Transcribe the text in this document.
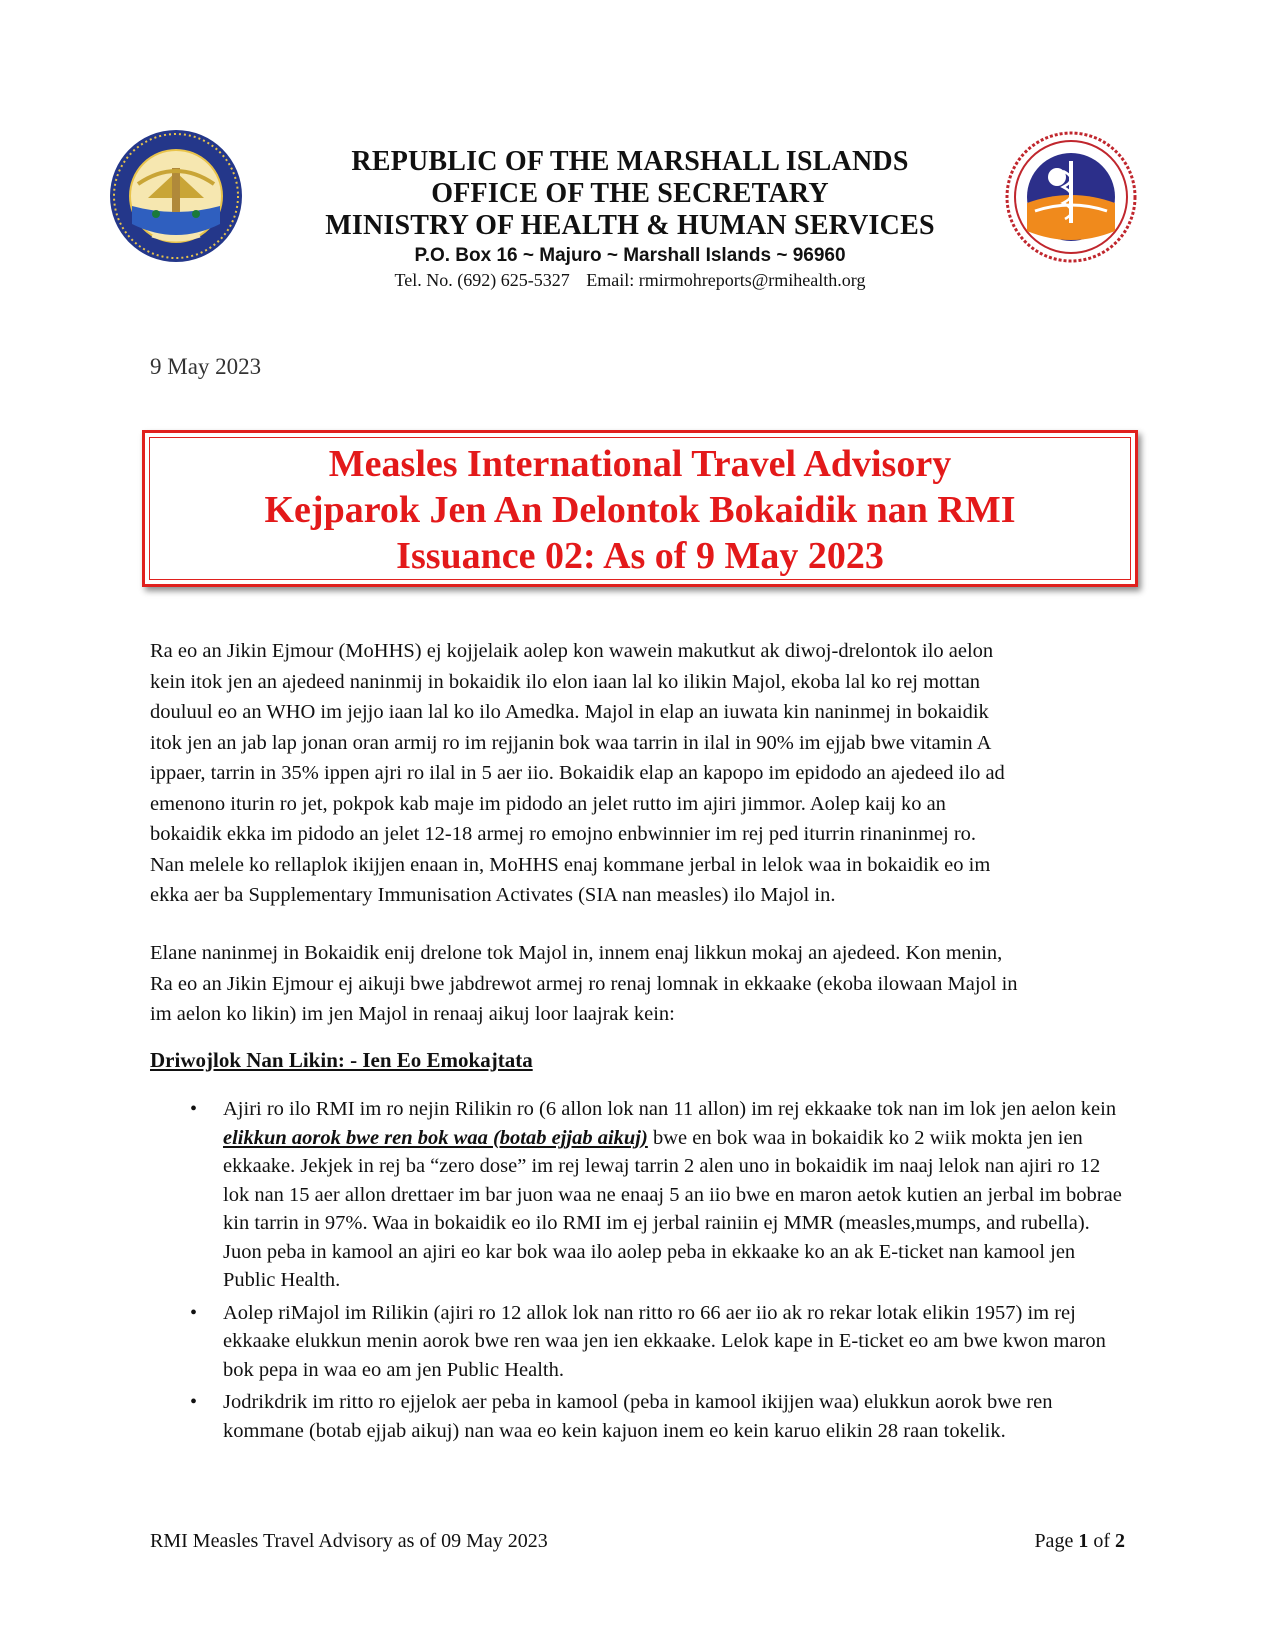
REPUBLIC OF THE MARSHALL ISLANDS
OFFICE OF THE SECRETARY
MINISTRY OF HEALTH & HUMAN SERVICES
P.O. Box 16 ~ Majuro ~ Marshall Islands ~ 96960
Tel. No. (692) 625-5327 Email: rmirmohreports@rmihealth.org
9 May 2023
Measles International Travel Advisory
Kejparok Jen An Delontok Bokaidik nan RMI
Issuance 02: As of 9 May 2023
Ra eo an Jikin Ejmour (MoHHS) ej kojjelaik aolep kon wawein makutkut ak diwoj-drelontok ilo aelon
kein itok jen an ajedeed naninmij in bokaidik ilo elon iaan lal ko ilikin Majol, ekoba lal ko rej mottan
douluul eo an WHO im jejjo iaan lal ko ilo Amedka. Majol in elap an iuwata kin naninmej in bokaidik
itok jen an jab lap jonan oran armij ro im rejjanin bok waa tarrin in ilal in 90% im ejjab bwe vitamin A
ippaer, tarrin in 35% ippen ajri ro ilal in 5 aer iio. Bokaidik elap an kapopo im epidodo an ajedeed ilo ad
emenono iturin ro jet, pokpok kab maje im pidodo an jelet rutto im ajiri jimmor. Aolep kaij ko an
bokaidik ekka im pidodo an jelet 12-18 armej ro emojno enbwinnier im rej ped iturrin rinaninmej ro.
Nan melele ko rellaplok ikijjen enaan in, MoHHS enaj kommane jerbal in lelok waa in bokaidik eo im
ekka aer ba Supplementary Immunisation Activates (SIA nan measles) ilo Majol in.
Elane naninmej in Bokaidik enij drelone tok Majol in, innem enaj likkun mokaj an ajedeed. Kon menin,
Ra eo an Jikin Ejmour ej aikuji bwe jabdrewot armej ro renaj lomnak in ekkaake (ekoba ilowaan Majol in
im aelon ko likin) im jen Majol in renaaj aikuj loor laajrak kein:
Driwojlok Nan Likin: - Ien Eo Emokajtata
• Ajiri ro ilo RMI im ro nejin Rilikin ro (6 allon lok nan 11 allon) im rej ekkaake tok nan im lok jen aelon kein elikkun aorok bwe ren bok waa (botab ejjab aikuj) bwe en bok waa in bokaidik ko 2 wiik mokta jen ien ekkaake. Jekjek in rej ba “zero dose” im rej lewaj tarrin 2 alen uno in bokaidik im naaj lelok nan ajiri ro 12 lok nan 15 aer allon drettaer im bar juon waa ne enaaj 5 an iio bwe en maron aetok kutien an jerbal im bobrae kin tarrin in 97%. Waa in bokaidik eo ilo RMI im ej jerbal rainiin ej MMR (measles,mumps, and rubella). Juon peba in kamool an ajiri eo kar bok waa ilo aolep peba in ekkaake ko an ak E-ticket nan kamool jen Public Health.
• Aolep riMajol im Rilikin (ajiri ro 12 allok lok nan ritto ro 66 aer iio ak ro rekar lotak elikin 1957) im rej ekkaake elukkun menin aorok bwe ren waa jen ien ekkaake. Lelok kape in E-ticket eo am bwe kwon maron bok pepa in waa eo am jen Public Health.
• Jodrikdrik im ritto ro ejjelok aer peba in kamool (peba in kamool ikijjen waa) elukkun aorok bwe ren kommane (botab ejjab aikuj) nan waa eo kein kajuon inem eo kein karuo elikin 28 raan tokelik.
RMI Measles Travel Advisory as of 09 May 2023	Page 1 of 2
